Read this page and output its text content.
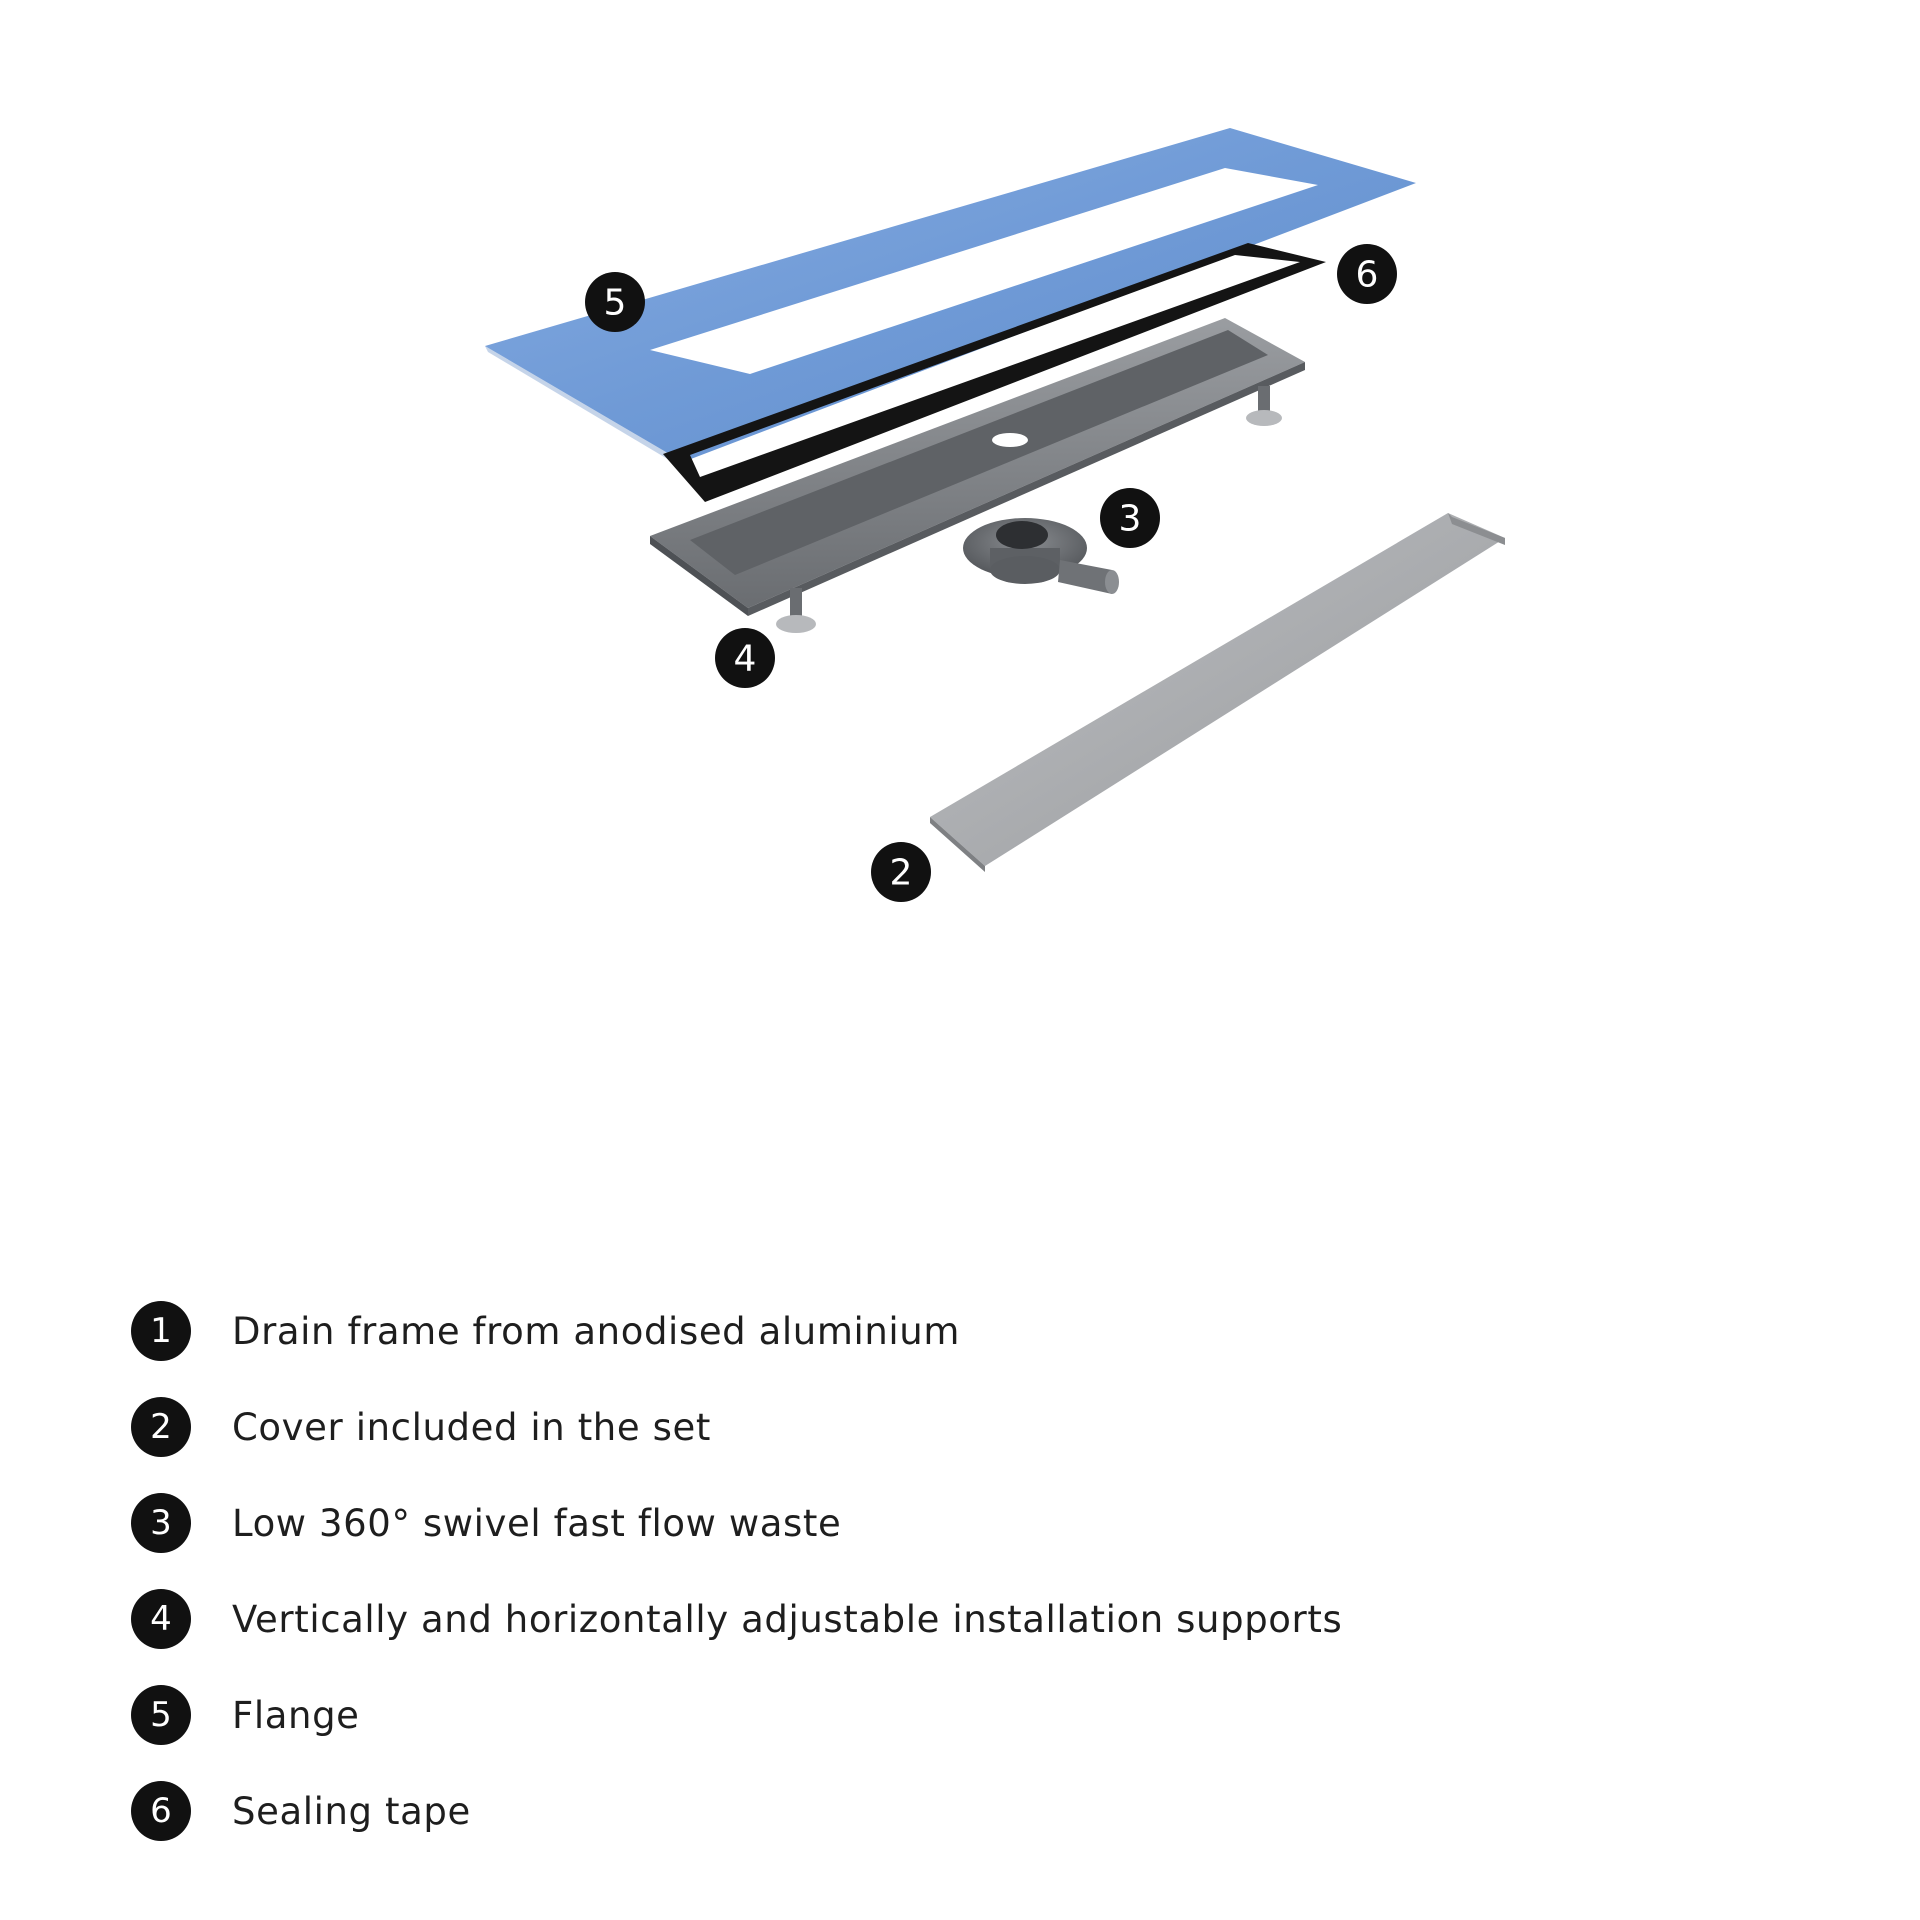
5
6
3
4
2
1	Drain frame from anodised aluminium
2	Cover included in the set
3	Low 360° swivel fast flow waste
4	Vertically and horizontally adjustable installation supports
5	Flange
6	Sealing tape
